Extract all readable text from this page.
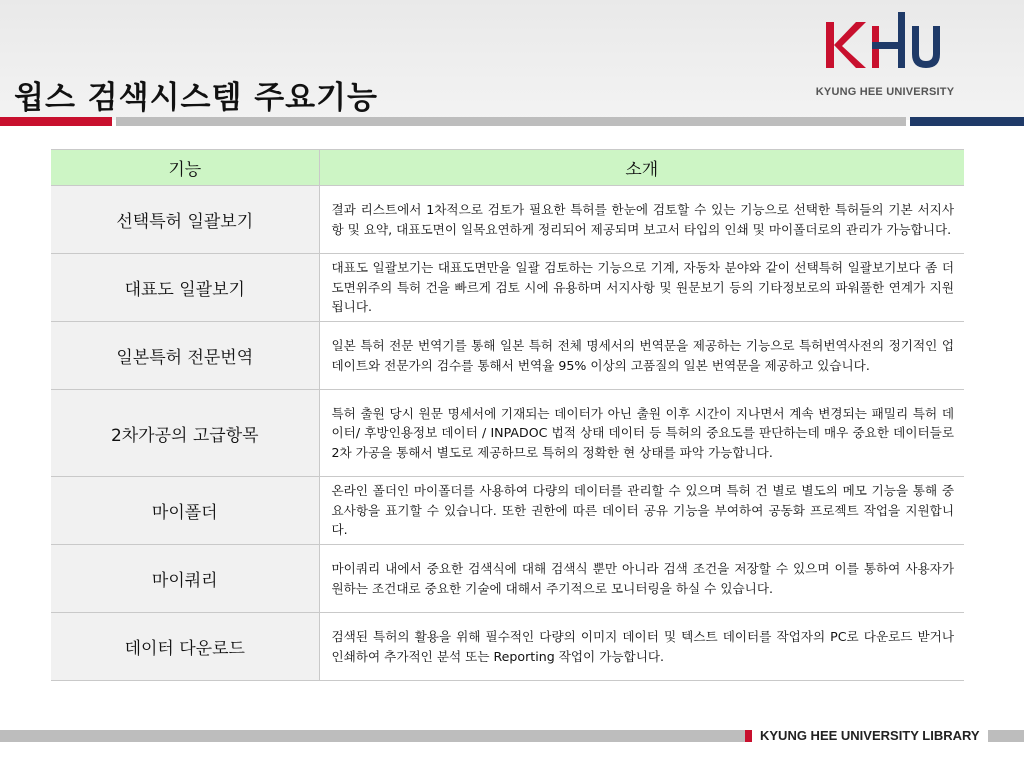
윕스 검색시스템 주요기능	KYUNG HEE UNIVERSITY
기능	소개
선택특허 일괄보기	결과 리스트에서 1차적으로 검토가 필요한 특허를 한눈에 검토할 수 있는 기능으로 선택한 특허들의 기본 서지사항 및 요약, 대표도면이 일목요연하게 정리되어 제공되며 보고서 타입의 인쇄 및 마이폴더로의 관리가 가능합니다.
대표도 일괄보기	대표도 일괄보기는 대표도면만을 일괄 검토하는 기능으로 기계, 자동차 분야와 같이 선택특허 일괄보기보다 좀 더 도면위주의 특허 건을 빠르게 검토 시에 유용하며 서지사항 및 원문보기 등의 기타정보로의 파워풀한 연계가 지원됩니다.
일본특허 전문번역	일본 특허 전문 번역기를 통해 일본 특허 전체 명세서의 번역문을 제공하는 기능으로 특허번역사전의 정기적인 업데이트와 전문가의 검수를 통해서 번역율 95% 이상의 고품질의 일본 번역문을 제공하고 있습니다.
2차가공의 고급항목	특허 출원 당시 원문 명세서에 기재되는 데이터가 아닌 출원 이후 시간이 지나면서 계속 변경되는 패밀리 특허 데이터/ 후방인용정보 데이터 / INPADOC 법적 상태 데이터 등 특허의 중요도를 판단하는데 매우 중요한 데이터들로 2차 가공을 통해서 별도로 제공하므로 특허의 정확한 현 상태를 파악 가능합니다.
마이폴더	온라인 폴더인 마이폴더를 사용하여 다량의 데이터를 관리할 수 있으며 특허 건 별로 별도의 메모 기능을 통해 중요사항을 표기할 수 있습니다. 또한 권한에 따른 데이터 공유 기능을 부여하여 공동화 프로젝트 작업을 지원합니다.
마이쿼리	마이쿼리 내에서 중요한 검색식에 대해 검색식 뿐만 아니라 검색 조건을 저장할 수 있으며 이를 통하여 사용자가 원하는 조건대로 중요한 기술에 대해서 주기적으로 모니터링을 하실 수 있습니다.
데이터 다운로드	검색된 특허의 활용을 위해 필수적인 다량의 이미지 데이터 및 텍스트 데이터를 작업자의 PC로 다운로드 받거나 인쇄하여 추가적인 분석 또는 Reporting 작업이 가능합니다.
KYUNG HEE UNIVERSITY LIBRARY
